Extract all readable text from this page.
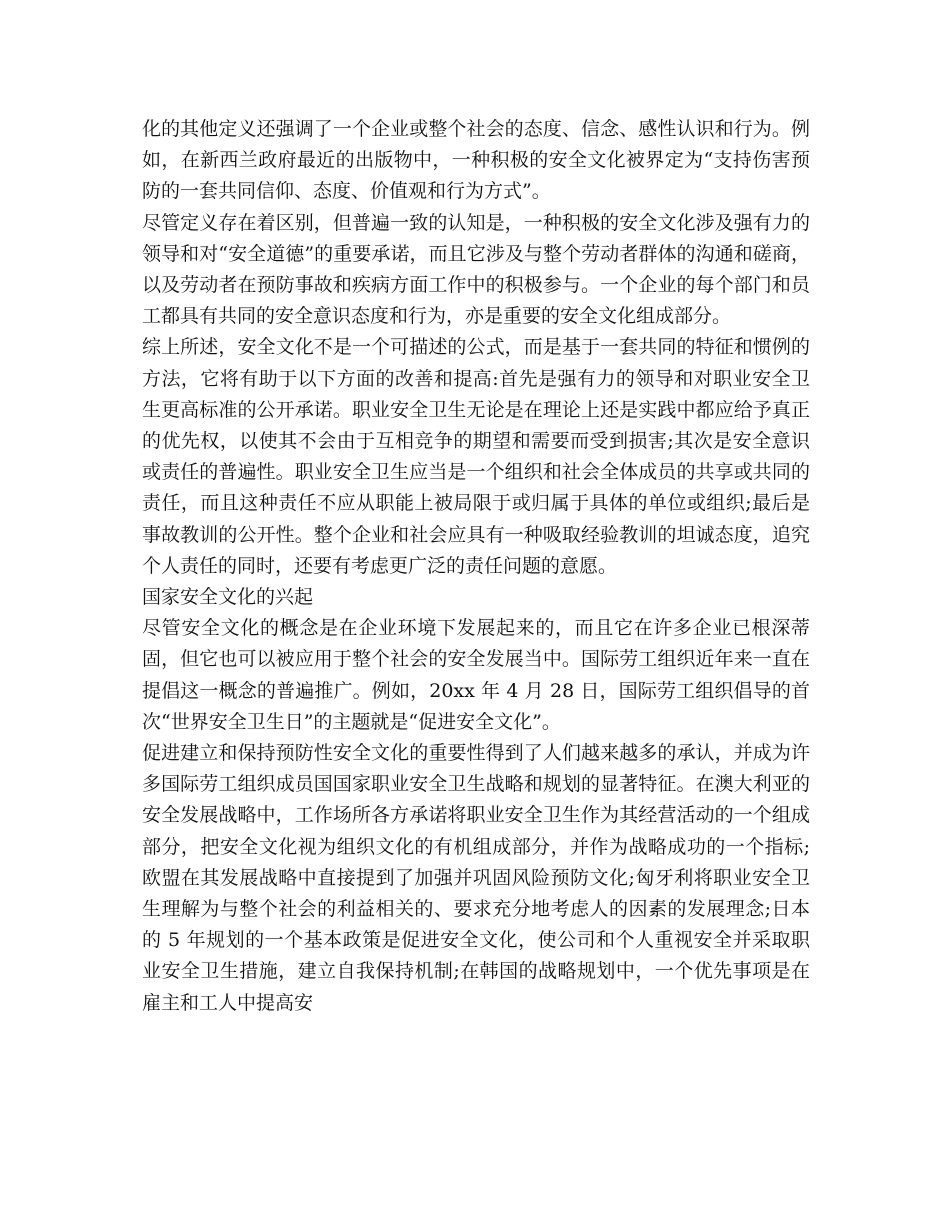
化的其他定义还强调了一个企业或整个社会的态度、信念、感性认识和行为。例如，在新西兰政府最近的出版物中，一种积极的安全文化被界定为“支持伤害预防的一套共同信仰、态度、价值观和行为方式”。

尽管定义存在着区别，但普遍一致的认知是，一种积极的安全文化涉及强有力的领导和对“安全道德”的重要承诺，而且它涉及与整个劳动者群体的沟通和磋商，以及劳动者在预防事故和疾病方面工作中的积极参与。一个企业的每个部门和员工都具有共同的安全意识态度和行为，亦是重要的安全文化组成部分。

综上所述，安全文化不是一个可描述的公式，而是基于一套共同的特征和惯例的方法，它将有助于以下方面的改善和提高:首先是强有力的领导和对职业安全卫生更高标准的公开承诺。职业安全卫生无论是在理论上还是实践中都应给予真正的优先权，以使其不会由于互相竞争的期望和需要而受到损害;其次是安全意识或责任的普遍性。职业安全卫生应当是一个组织和社会全体成员的共享或共同的责任，而且这种责任不应从职能上被局限于或归属于具体的单位或组织;最后是事故教训的公开性。整个企业和社会应具有一种吸取经验教训的坦诚态度，追究个人责任的同时，还要有考虑更广泛的责任问题的意愿。

国家安全文化的兴起

尽管安全文化的概念是在企业环境下发展起来的，而且它在许多企业已根深蒂固，但它也可以被应用于整个社会的安全发展当中。国际劳工组织近年来一直在提倡这一概念的普遍推广。例如，20xx 年 4 月 28 日，国际劳工组织倡导的首次“世界安全卫生日”的主题就是“促进安全文化”。

促进建立和保持预防性安全文化的重要性得到了人们越来越多的承认，并成为许多国际劳工组织成员国国家职业安全卫生战略和规划的显著特征。在澳大利亚的安全发展战略中，工作场所各方承诺将职业安全卫生作为其经营活动的一个组成部分，把安全文化视为组织文化的有机组成部分，并作为战略成功的一个指标;欧盟在其发展战略中直接提到了加强并巩固风险预防文化;匈牙利将职业安全卫生理解为与整个社会的利益相关的、要求充分地考虑人的因素的发展理念;日本的 5 年规划的一个基本政策是促进安全文化，使公司和个人重视安全并采取职业安全卫生措施，建立自我保持机制;在韩国的战略规划中，一个优先事项是在雇主和工人中提高安
